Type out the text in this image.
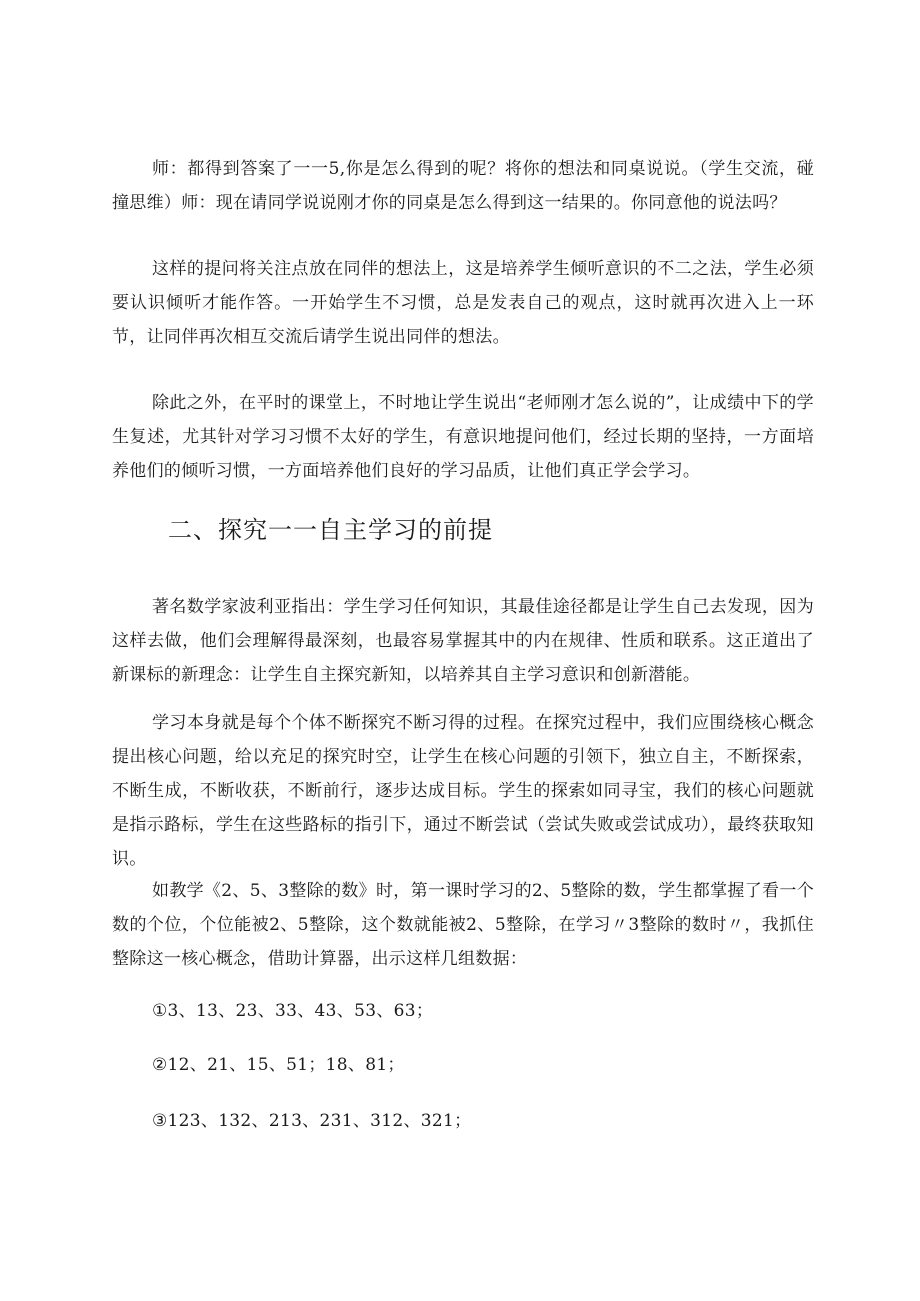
师：都得到答案了一一5,你是怎么得到的呢？将你的想法和同桌说说。（学生交流，碰撞思维）师：现在请同学说说刚才你的同桌是怎么得到这一结果的。你同意他的说法吗？

这样的提问将关注点放在同伴的想法上，这是培养学生倾听意识的不二之法，学生必须要认识倾听才能作答。一开始学生不习惯，总是发表自己的观点，这时就再次进入上一环节，让同伴再次相互交流后请学生说出同伴的想法。

除此之外，在平时的课堂上，不时地让学生说出“老师刚才怎么说的”，让成绩中下的学生复述，尤其针对学习习惯不太好的学生，有意识地提问他们，经过长期的坚持，一方面培养他们的倾听习惯，一方面培养他们良好的学习品质，让他们真正学会学习。

二、探究一一自主学习的前提

著名数学家波利亚指出：学生学习任何知识，其最佳途径都是让学生自己去发现，因为这样去做，他们会理解得最深刻，也最容易掌握其中的内在规律、性质和联系。这正道出了新课标的新理念：让学生自主探究新知，以培养其自主学习意识和创新潜能。

学习本身就是每个个体不断探究不断习得的过程。在探究过程中，我们应围绕核心概念提出核心问题，给以充足的探究时空，让学生在核心问题的引领下，独立自主，不断探索，不断生成，不断收获，不断前行，逐步达成目标。学生的探索如同寻宝，我们的核心问题就是指示路标，学生在这些路标的指引下，通过不断尝试（尝试失败或尝试成功），最终获取知识。

如教学《2、5、3整除的数》时，第一课时学习的2、5整除的数，学生都掌握了看一个数的个位，个位能被2、5整除，这个数就能被2、5整除，在学习〃3整除的数时〃，我抓住整除这一核心概念，借助计算器，出示这样几组数据：

①3、13、23、33、43、53、63；

②12、21、15、51；18、81；

③123、132、213、231、312、321；
